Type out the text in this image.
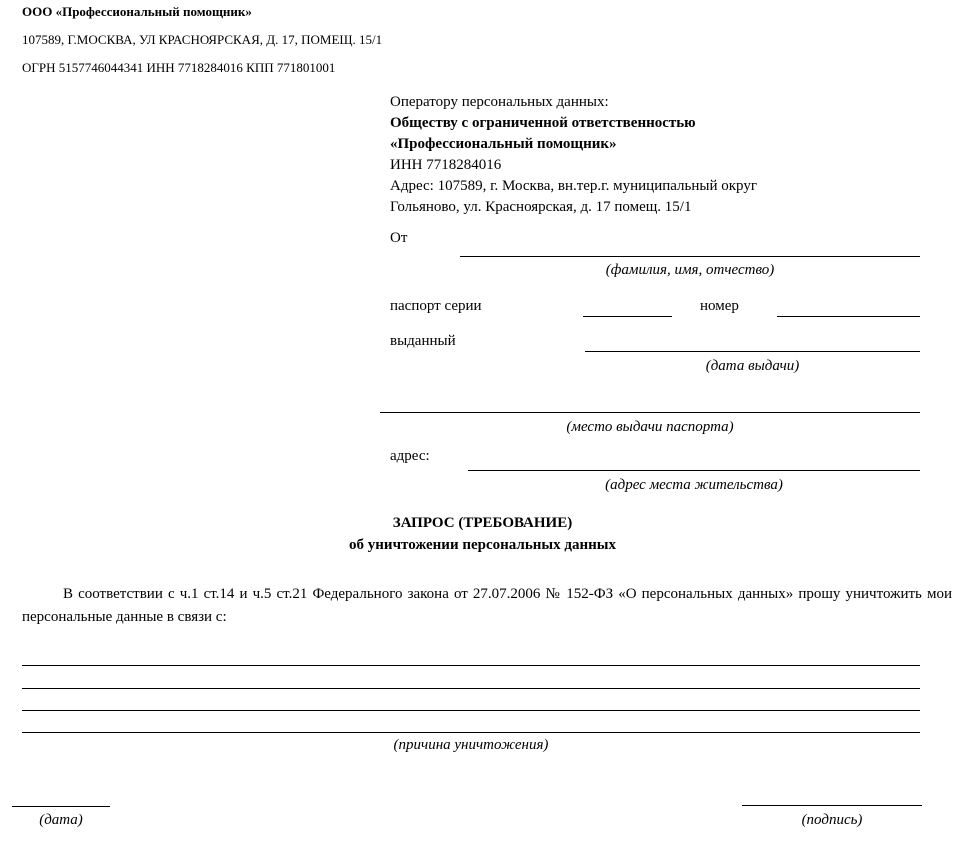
ООО «Профессиональный помощник»
107589, Г.МОСКВА, УЛ КРАСНОЯРСКАЯ, Д. 17, ПОМЕЩ. 15/1
ОГРН 5157746044341 ИНН 7718284016 КПП 771801001
Оператору персональных данных:
Обществу с ограниченной ответственностью
«Профессиональный помощник»
ИНН 7718284016
Адрес: 107589, г. Москва, вн.тер.г. муниципальный округ
Гольяново, ул. Красноярская, д. 17 помещ. 15/1
От
(фамилия, имя, отчество)
паспорт серии	номер
выданный
(дата выдачи)
(место выдачи паспорта)
адрес:
(адрес места жительства)
ЗАПРОС (ТРЕБОВАНИЕ)
об уничтожении персональных данных
В соответствии с ч.1 ст.14 и ч.5 ст.21 Федерального закона от 27.07.2006 № 152-ФЗ «О персональных данных» прошу уничтожить мои персональные данные в связи с:
(причина уничтожения)
(дата)	(подпись)
